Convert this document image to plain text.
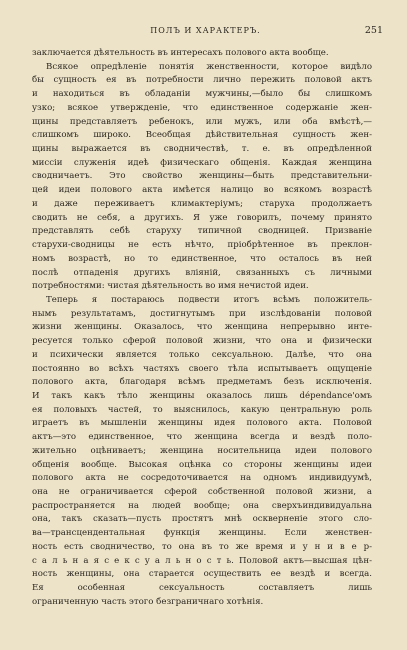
ПОЛЪ И ХАРАКТЕРЪ.	251
заключается дѣятельность въ интересахъ полового акта вообще.
Всякое опредѣленіе понятія женственности, которое видѣло
бы сущность ея въ потребности лично пережить половой актъ
и находиться въ обладаніи мужчины,—было бы слишкомъ
узко; всякое утвержденіе, что единственное содержаніе жен-
щины представляетъ ребенокъ, или мужъ, или оба вмѣстѣ,—
слишкомъ широко. Всеобщая дѣйствительная сущность жен-
щины выражается въ сводничествѣ, т. е. въ опредѣленной
миссіи служенія идеѣ физическаго общенія. Каждая женщина
сводничаетъ. Это свойство женщины—быть представительни-
цей идеи полового акта имѣется налицо во всякомъ возрастѣ
и даже переживаетъ климактеріумъ; старуха продолжаетъ
сводить не себя, а другихъ. Я уже говорилъ, почему принято
представлять себѣ старуху типичной сводницей. Призваніе
старухи-сводницы не есть нѣчто, пріобрѣтенное въ преклон-
номъ возрастѣ, но то единственное, что осталось въ ней
послѣ отпаденія другихъ вліяній, связанныхъ съ личными
потребностями: чистая дѣятельность во имя нечистой идеи.
Теперь я постараюсь подвести итогъ всѣмъ положитель-
нымъ результатамъ, достигнутымъ при изслѣдованіи половой
жизни женщины. Оказалось, что женщина непрерывно инте-
ресуется только сферой половой жизни, что она и физически
и психически является только сексуальною. Далѣе, что она
постоянно во всѣхъ частяхъ своего тѣла испытываетъ ощущеніе
полового акта, благодаря всѣмъ предметамъ безъ исключенія.
И такъ какъ тѣло женщины оказалось лишь dépendance'омъ
ея половыхъ частей, то выяснилось, какую центральную роль
играетъ въ мышленіи женщины идея полового акта. Половой
актъ—это единственное, что женщина всегда и вездѣ поло-
жительно оцѣниваетъ; женщина носительница идеи полового
общенія вообще. Высокая оцѣнка со стороны женщины идеи
полового акта не сосредоточивается на одномъ индивидуумѣ,
она не ограничивается сферой собственной половой жизни, а
распространяется на людей вообще; она сверхъиндивидуальна
она, такъ сказать—пусть простятъ мнѣ оскверненіе этого сло-
ва—трансцендентальная функція женщины. Если женствен-
ность есть сводничество, то она въ то же время и у н и в е р-
с а л ь н а я с е к с у а л ь н о с т ь. Половой актъ—высшая цѣн-
ность женщины, она старается осуществить ее вездѣ и всегда.
Ея особенная сексуальность составляетъ лишь
ограниченную часть этого безграничнаго хотѣнія.
